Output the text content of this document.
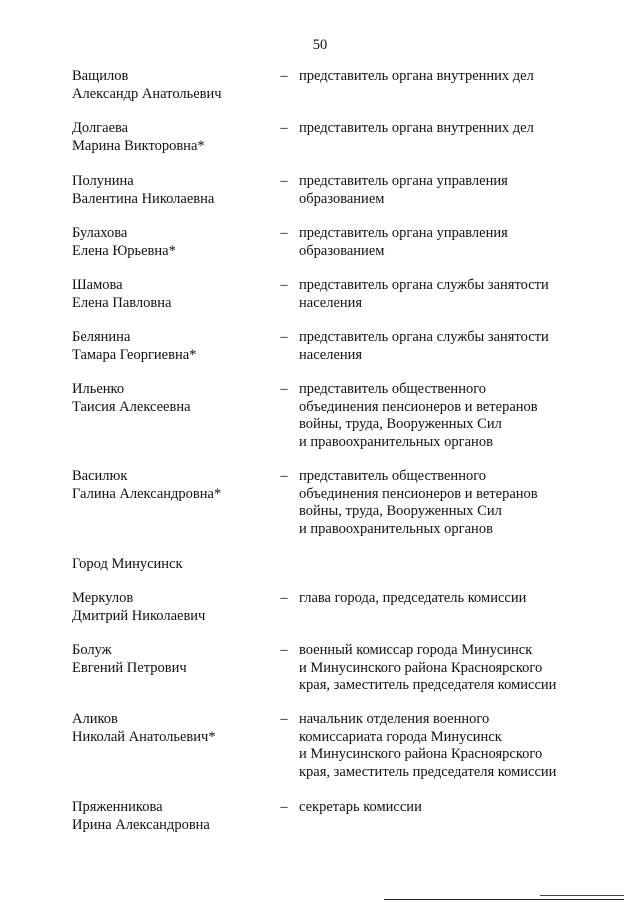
50
Ващилов
Александр Анатольевич
– представитель органа внутренних дел
Долгаева
Марина Викторовна*
– представитель органа внутренних дел
Полунина
Валентина Николаевна
– представитель органа управления
образованием
Булахова
Елена Юрьевна*
– представитель органа управления
образованием
Шамова
Елена Павловна
– представитель органа службы занятости
населения
Белянина
Тамара Георгиевна*
– представитель органа службы занятости
населения
Ильенко
Таисия Алексеевна
– представитель общественного
объединения пенсионеров и ветеранов
войны, труда, Вооруженных Сил
и правоохранительных органов
Василюк
Галина Александровна*
– представитель общественного
объединения пенсионеров и ветеранов
войны, труда, Вооруженных Сил
и правоохранительных органов
Город Минусинск
Меркулов
Дмитрий Николаевич
– глава города, председатель комиссии
Болуж
Евгений Петрович
– военный комиссар города Минусинск
и Минусинского района Красноярского
края, заместитель председателя комиссии
Аликов
Николай Анатольевич*
– начальник отделения военного
комиссариата города Минусинск
и Минусинского района Красноярского
края, заместитель председателя комиссии
Пряженникова
Ирина Александровна
– секретарь комиссии
